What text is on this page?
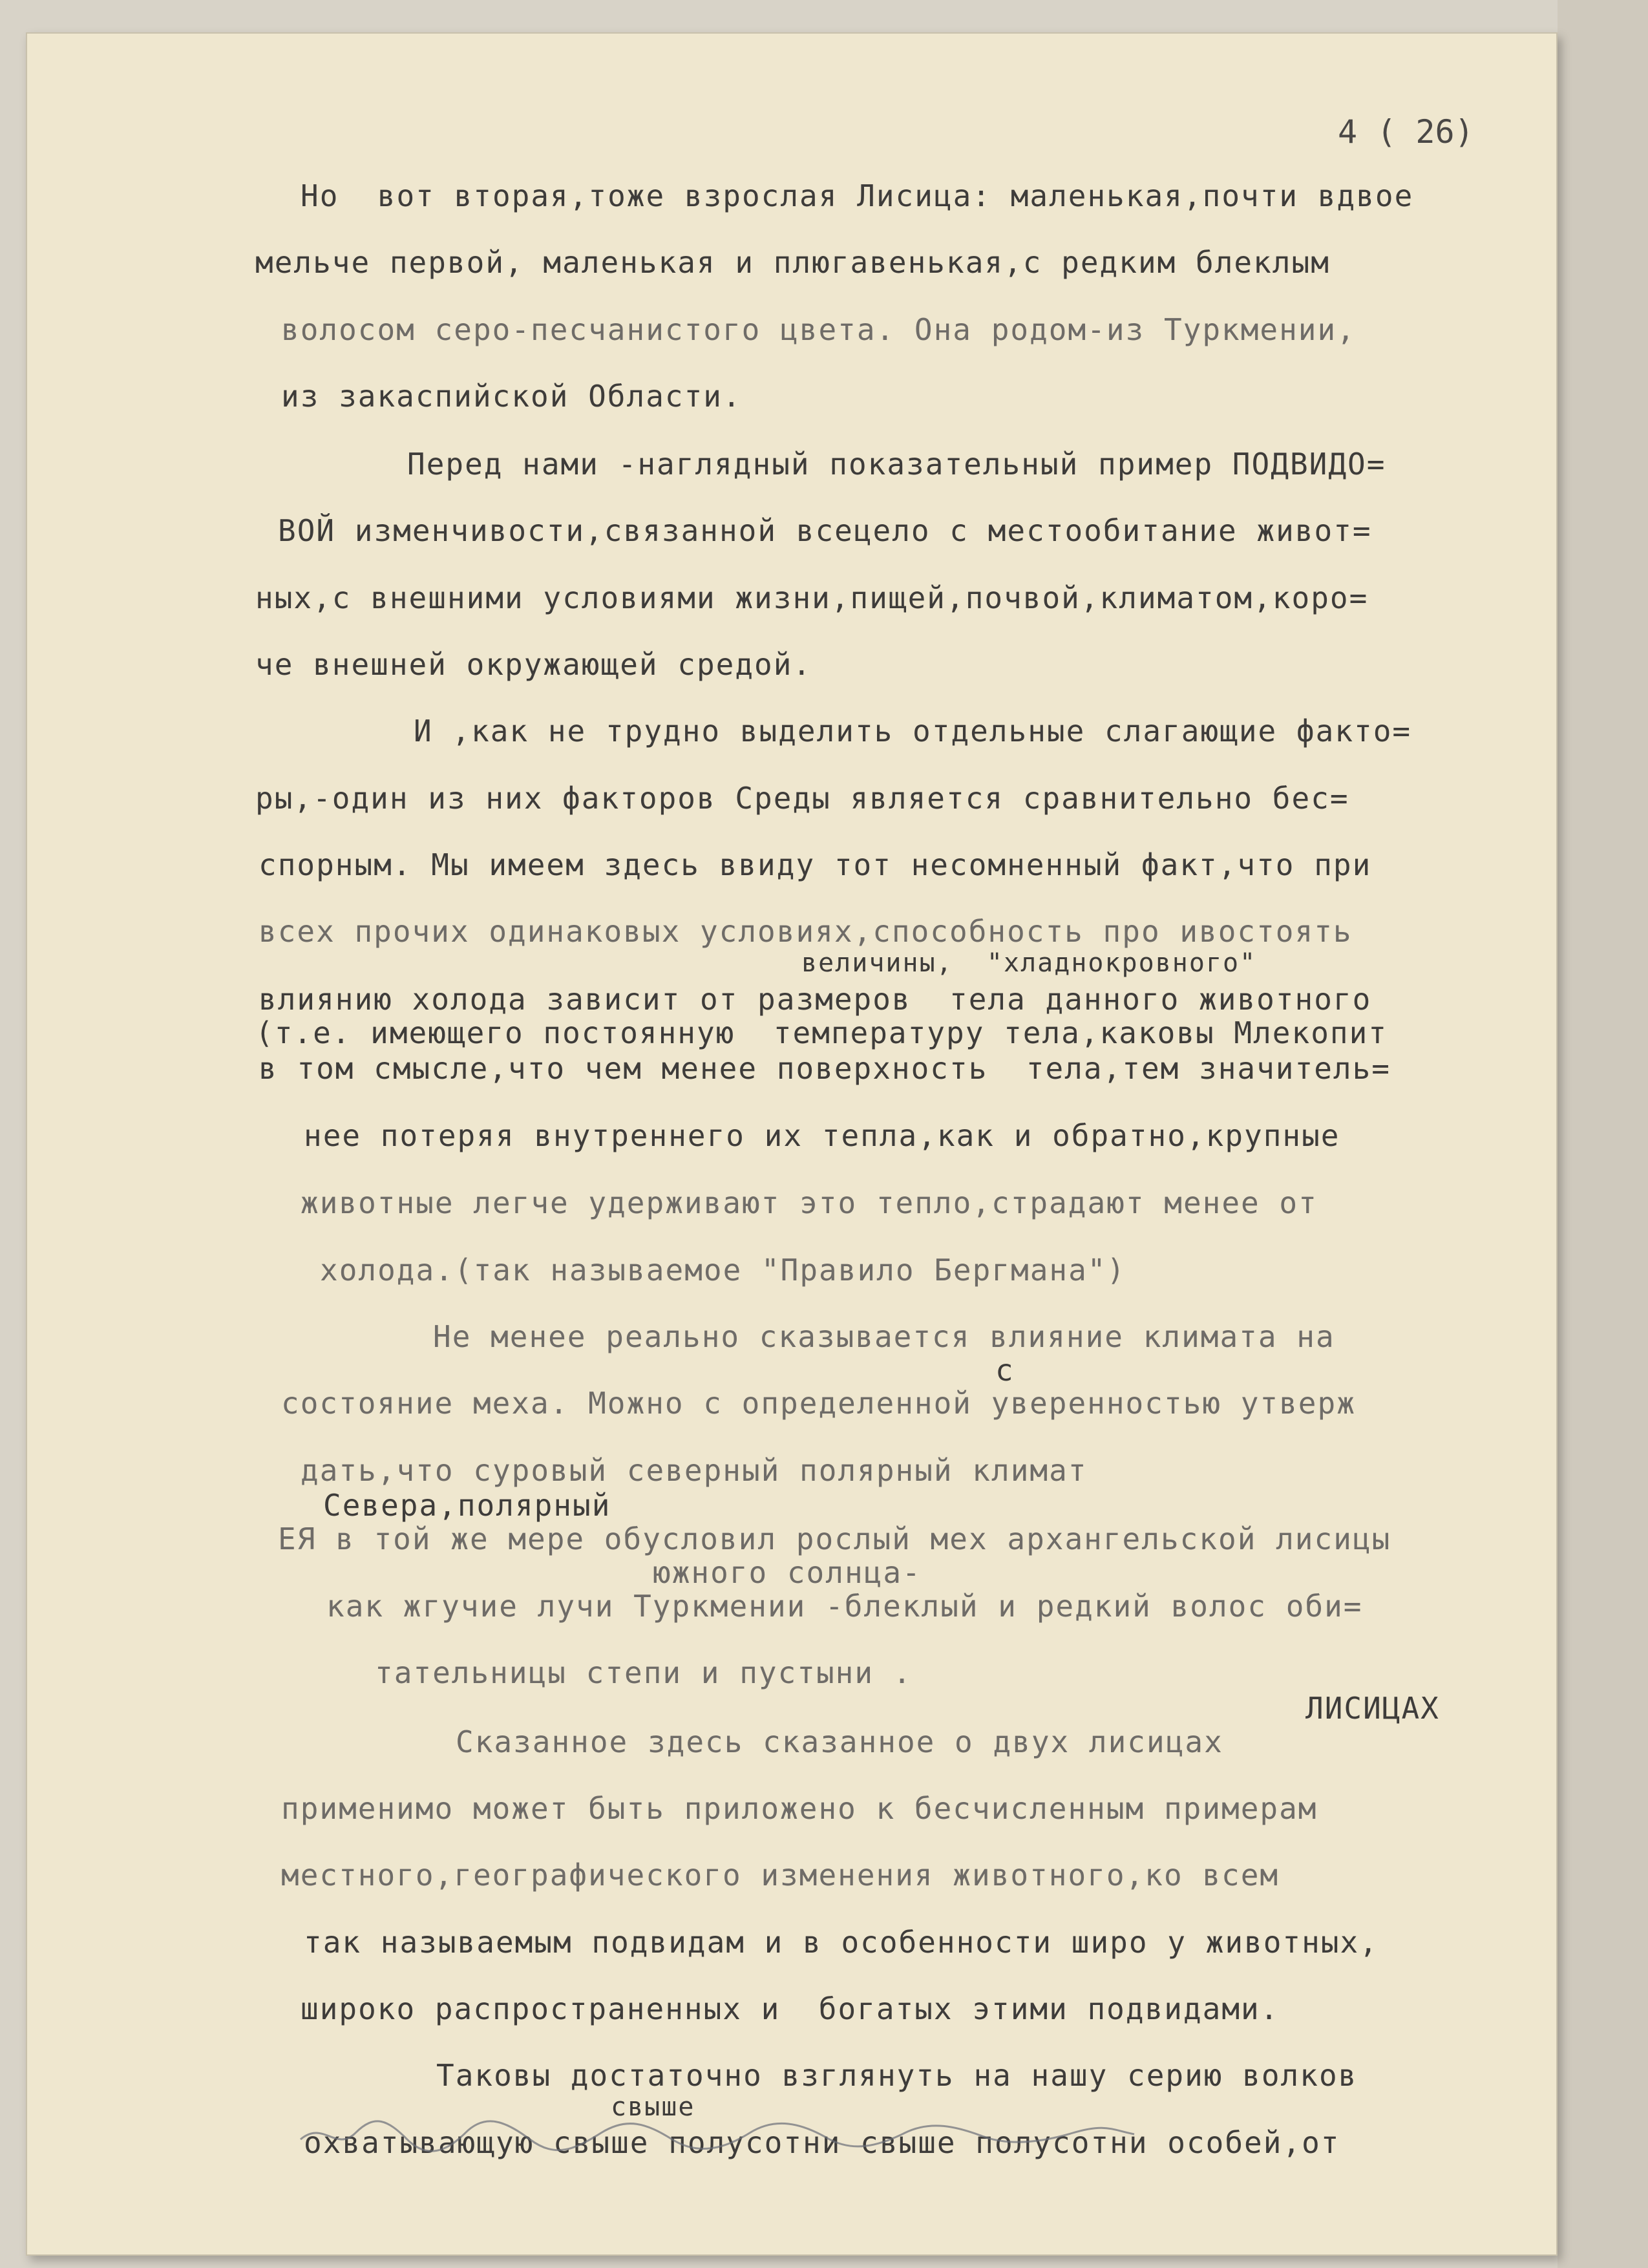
4 ( 26)
Но  вот вторая,тоже взрослая Лисица: маленькая,почти вдвое
мельче первой, маленькая и плюгавенькая,с редким блеклым
волосом серо-песчанистого цвета. Она родом-из Туркмении,
из закаспийской Области.
Перед нами -наглядный показательный пример ПОДВИДО=
ВОЙ изменчивости,связанной всецело с местообитание живот=
ных,с внешними условиями жизни,пищей,почвой,климатом,коро=
че внешней окружающей средой.
И ,как не трудно выделить отдельные слагающие факто=
ры,-один из них факторов Среды является сравнительно бес=
спорным. Мы имеем здесь ввиду тот несомненный факт,что при
всех прочих одинаковых условиях,способность про ивостоять
величины,  "хладнокровного"
влиянию холода зависит от размеров  тела данного животного
(т.е. имеющего постоянную  температуру тела,каковы Млекопит
в том смысле,что чем менее поверхность  тела,тем значитель=
нее потеряя внутреннего их тепла,как и обратно,крупные
животные легче удерживают это тепло,страдают менее от
холода.(так называемое "Правило Бергмана")
Не менее реально сказывается влияние климата на
с
состояние меха. Можно с определенной уверенностью утверж
дать,что суровый северный полярный климат
Севера,полярный
ЕЯ в той же мере обусловил рослый мех архангельской лисицы
южного солнца-
как жгучие лучи Туркмении -блеклый и редкий волос оби=
тательницы степи и пустыни .
ЛИСИЦАХ
Сказанное здесь сказанное о двух лисицах
применимо может быть приложено к бесчисленным примерам
местного,географического изменения животного,ко всем
так называемым подвидам и в особенности широ у животных,
широко распространенных и  богатых этими подвидами.
Таковы достаточно взглянуть на нашу серию волков
свыше
охватывающую свыше полусотни свыше полусотни особей,от
